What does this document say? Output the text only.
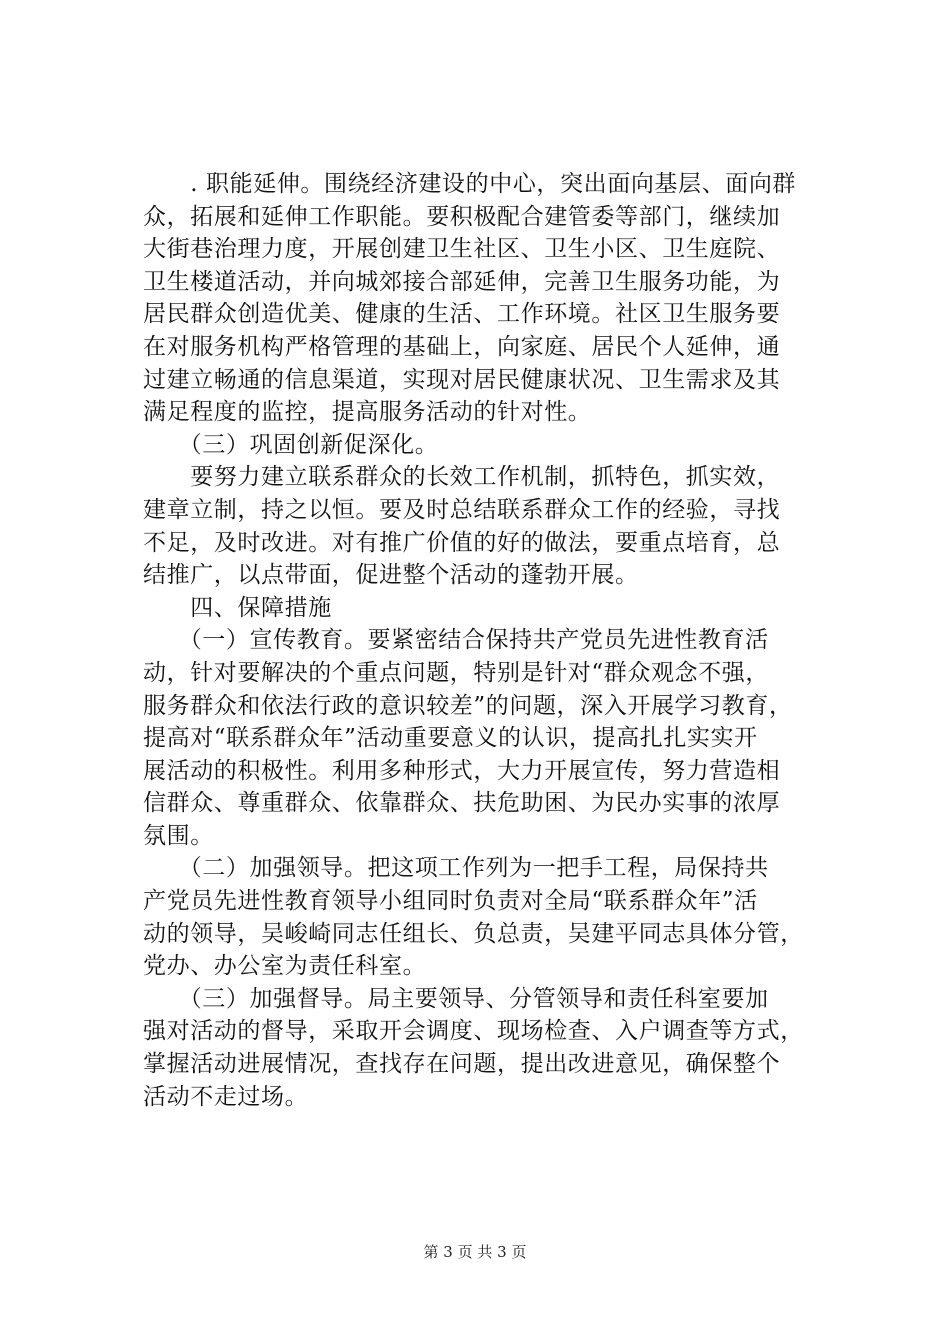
　　. 职能延伸。围绕经济建设的中心，突出面向基层、面向群
众，拓展和延伸工作职能。要积极配合建管委等部门，继续加
大街巷治理力度，开展创建卫生社区、卫生小区、卫生庭院、
卫生楼道活动，并向城郊接合部延伸，完善卫生服务功能，为
居民群众创造优美、健康的生活、工作环境。社区卫生服务要
在对服务机构严格管理的基础上，向家庭、居民个人延伸，通
过建立畅通的信息渠道，实现对居民健康状况、卫生需求及其
满足程度的监控，提高服务活动的针对性。
　　（三）巩固创新促深化。
　　要努力建立联系群众的长效工作机制，抓特色，抓实效，
建章立制，持之以恒。要及时总结联系群众工作的经验，寻找
不足，及时改进。对有推广价值的好的做法，要重点培育，总
结推广，以点带面，促进整个活动的蓬勃开展。
　　四、保障措施
　　（一）宣传教育。要紧密结合保持共产党员先进性教育活
动，针对要解决的个重点问题，特别是针对“群众观念不强，
服务群众和依法行政的意识较差”的问题，深入开展学习教育，
提高对“联系群众年”活动重要意义的认识，提高扎扎实实开
展活动的积极性。利用多种形式，大力开展宣传，努力营造相
信群众、尊重群众、依靠群众、扶危助困、为民办实事的浓厚
氛围。
　　（二）加强领导。把这项工作列为一把手工程，局保持共
产党员先进性教育领导小组同时负责对全局“联系群众年”活
动的领导，吴峻崎同志任组长、负总责，吴建平同志具体分管，
党办、办公室为责任科室。
　　（三）加强督导。局主要领导、分管领导和责任科室要加
强对活动的督导，采取开会调度、现场检查、入户调查等方式，
掌握活动进展情况，查找存在问题，提出改进意见，确保整个
活动不走过场。
第 3 页 共 3 页
